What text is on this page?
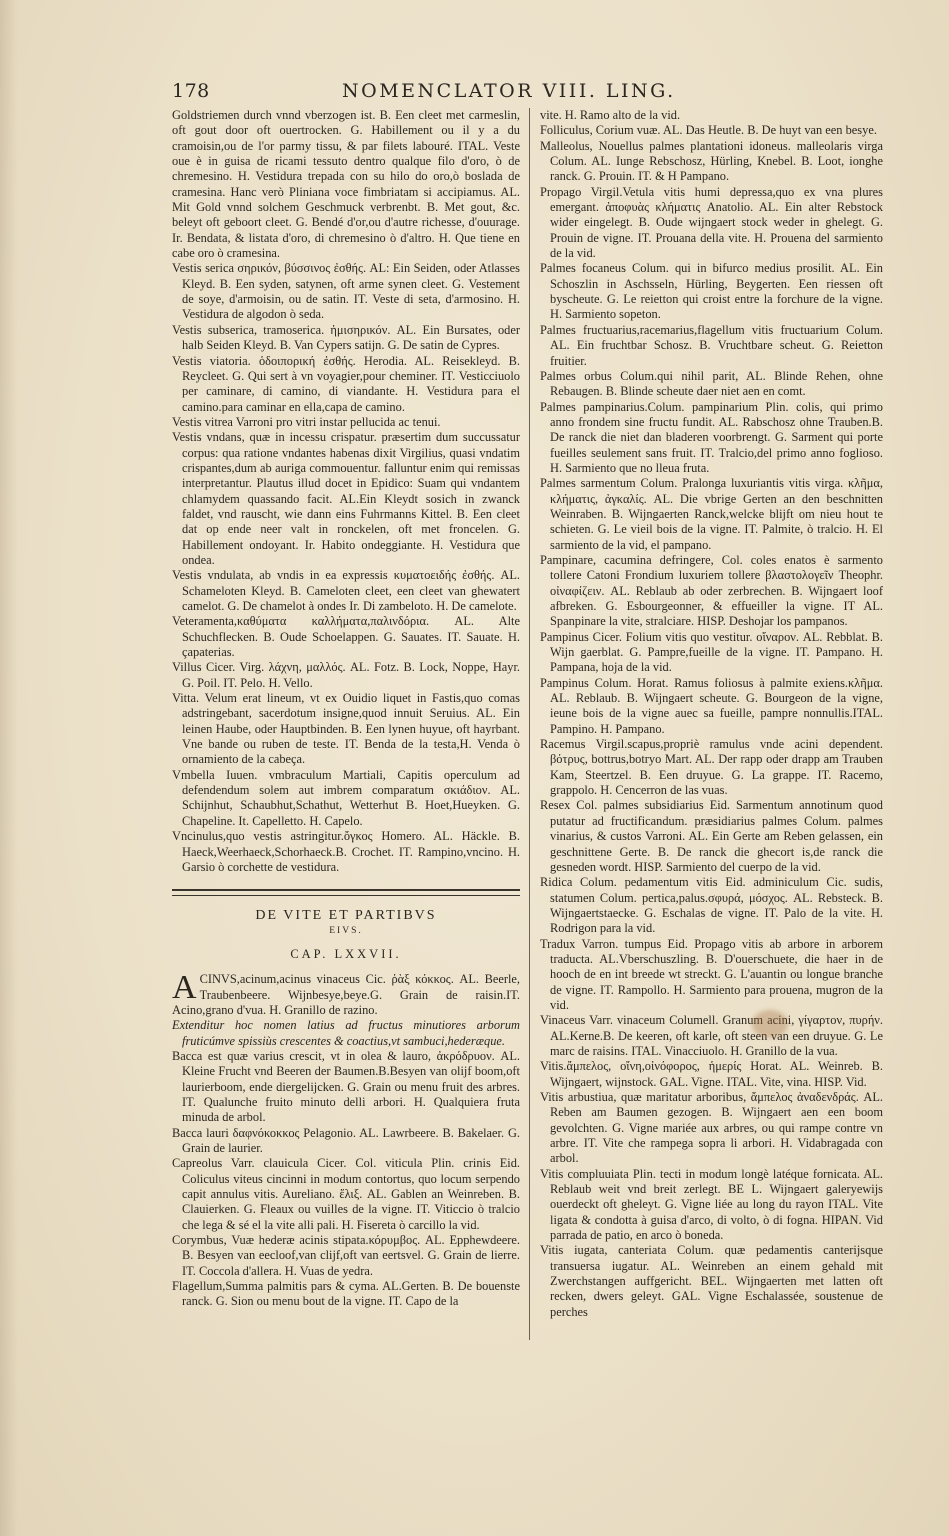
178	NOMENCLATOR VIII. LING.

Goldstriemen durch vnnd vberzogen ist. B. Een cleet met carmeslin, oft gout door oft ouertrocken. G. Habillement ou il y a du cramoisin,ou de l'or parmy tissu, & par filets labouré. ITAL. Veste oue è in guisa de ricami tessuto dentro qualque filo d'oro, ò de chremesino. H. Vestidura trepada con su hilo do oro,ò boslada de cramesina. Hanc verò Pliniana voce fimbriatam si accipiamus. AL. Mit Gold vnnd solchem Geschmuck verbrenbt. B. Met gout, &c. beleyt oft geboort cleet. G. Bendé d'or,ou d'autre richesse, d'ouurage. Ir. Bendata, & listata d'oro, di chremesino ò d'altro. H. Que tiene en cabe oro ò cramesina.

Vestis serica σηρικόν, βύσσινος ἐσθής. AL: Ein Seiden, oder Atlasses Kleyd. B. Een syden, satynen, oft arme synen cleet. G. Vestement de soye, d'armoisin, ou de satin. IT. Veste di seta, d'armosino. H. Vestidura de algodon ò seda.

Vestis subserica, tramoserica. ἡμισηρικόν. AL. Ein Bursates, oder halb Seiden Kleyd. B. Van Cypers satijn. G. De satin de Cypres.

Vestis viatoria. ὁδοιπορική ἐσθής. Herodia. AL. Reisekleyd. B. Reycleet. G. Qui sert à vn voyagier,pour cheminer. IT. Vesticciuolo per caminare, di camino, di viandante. H. Vestidura para el camino.para caminar en ella,capa de camino.

Vestis vitrea Varroni pro vitri instar pellucida ac tenui.

Vestis vndans, quæ in incessu crispatur. præsertim dum succussatur corpus: qua ratione vndantes habenas dixit Virgilius, quasi vndatim crispantes,dum ab auriga commouentur. falluntur enim qui remissas interpretantur. Plautus illud docet in Epidico: Suam qui vndantem chlamydem quassando facit. AL.Ein Kleydt sosich in zwanck faldet, vnd rauscht, wie dann eins Fuhrmanns Kittel. B. Een cleet dat op ende neer valt in ronckelen, oft met froncelen. G. Habillement ondoyant. Ir. Habito ondeggiante. H. Vestidura que ondea.

Vestis vndulata, ab vndis in ea expressis κυματοειδής ἐσθής. AL. Schameloten Kleyd. B. Cameloten cleet, een cleet van ghewatert camelot. G. De chamelot à ondes Ir. Di zambeloto. H. De camelote.

Veteramenta,καθύματα καλλήματα,παλινδόρια. AL. Alte Schuchflecken. B. Oude Schoelappen. G. Sauates. IT. Sauate. H. çapaterias.

Villus Cicer. Virg. λάχνη, μαλλός. AL. Fotz. B. Lock, Noppe, Hayr. G. Poil. IT. Pelo. H. Vello.

Vitta. Velum erat lineum, vt ex Ouidio liquet in Fastis,quo comas adstringebant, sacerdotum insigne,quod innuit Seruius. AL. Ein leinen Haube, oder Hauptbinden. B. Een lynen huyue, oft hayrbant. Vne bande ou ruben de teste. IT. Benda de la testa,H. Venda ò ornamiento de la cabeça.

Vmbella Iuuen. vmbraculum Martiali, Capitis operculum ad defendendum solem aut imbrem comparatum σκιάδιον. AL. Schijnhut, Schaubhut,Schathut, Wetterhut B. Hoet,Hueyken. G. Chapeline. It. Capelletto. H. Capelo.

Vncinulus,quo vestis astringitur.ὄγκος Homero. AL. Häckle. B. Haeck,Weerhaeck,Schorhaeck.B. Crochet. IT. Rampino,vncino. H. Garsio ò corchette de vestidura.

DE VITE ET PARTIBVS
EIVS.
CAP. LXXVII.

ACINVS,acinum,acinus vinaceus Cic. ῥὰξ κόκκος. AL. Beerle, Traubenbeere. Wijnbesye,beye.G. Grain de raisin.IT. Acino,grano d'vua. H. Granillo de razino.

Extenditur hoc nomen latius ad fructus minutiores arborum fruticúmve spissiùs crescentes & coactius,vt sambuci,hederæque.

Bacca est quæ varius crescit, vt in olea & lauro, ἀκρόδρυον. AL. Kleine Frucht vnd Beeren der Baumen.B.Besyen van olijf boom,oft laurierboom, ende diergelijcken. G. Grain ou menu fruit des arbres. IT. Qualunche fruito minuto delli arbori. H. Qualquiera fruta minuda de arbol.

Bacca lauri δαφνόκοκκος Pelagonio. AL. Lawrbeere. B. Bakelaer. G. Grain de laurier.

Capreolus Varr. clauicula Cicer. Col. viticula Plin. crinis Eid. Coliculus viteus cincinni in modum contortus, quo locum serpendo capit annulus vitis. Aureliano. ἕλιξ. AL. Gablen an Weinreben. B. Clauierken. G. Fleaux ou vuilles de la vigne. IT. Viticcio ò tralcio che lega & sé el la vite alli pali. H. Fiseretа ò carcillo la vid.

Corymbus, Vuæ hederæ acinis stipata.κόρυμβος. AL. Epphewdeere. B. Besyen van eecloof,van clijf,oft van eertsvel. G. Grain de lierre. IT. Coccola d'allera. H. Vuas de yedra.

Flagellum,Summa palmitis pars & cyma. AL.Gerten. B. De bouenste ranck. G. Sion ou menu bout de la vigne. IT. Capo de la

vite. H. Ramo alto de la vid.

Folliculus, Corium vuæ. AL. Das Heutle. B. De huyt van een besye.

Malleolus, Nouellus palmes plantationi idoneus. malleolaris virga Colum. AL. Iunge Rebschosz, Hürling, Knebel. B. Loot, ionghe ranck. G. Prouin. IT. & H Pampano.

Propago Virgil.Vetula vitis humi depressa,quo ex vna plures emergant. ἀποφυὰς κλήματις Anatolio. AL. Ein alter Rebstock wider eingelegt. B. Oude wijngaert stock weder in ghelegt. G. Prouin de vigne. IT. Prouana della vite. H. Prouena del sarmiento de la vid.

Palmes focaneus Colum. qui in bifurco medius prosilit. AL. Ein Schoszlin in Aschsseln, Hürling, Beygerten. Een riessen oft byscheute. G. Le reietton qui croist entre la forchure de la vigne. H. Sarmiento sopeton.

Palmes fructuarius,racemarius,flagellum vitis fructuarium Colum. AL. Ein fruchtbar Schosz. B. Vruchtbare scheut. G. Reietton fruitier.

Palmes orbus Colum.qui nihil parit, AL. Blinde Rehen, ohne Rebaugen. B. Blinde scheute daer niet aen en comt.

Palmes pampinarius.Colum. pampinarium Plin. colis, qui primo anno frondem sine fructu fundit. AL. Rabschosz ohne Trauben.B. De ranck die niet dan bladeren voorbrengt. G. Sarment qui porte fueilles seulement sans fruit. IT. Tralcio,del primo anno foglioso. H. Sarmiento que no lleua fruta.

Palmes sarmentum Colum. Pralonga luxuriantis vitis virga. κλῆμα, κλήματις, ἀγκαλίς. AL. Die vbrige Gerten an den beschnitten Weinraben. B. Wijngaerten Ranck,welcke blijft om nieu hout te schieten. G. Le vieil bois de la vigne. IT. Palmite, ò tralcio. H. El sarmiento de la vid, el pampano.

Pampinare, cacumina defringere, Col. coles enatos è sarmento tollere Catoni Frondium luxuriem tollere βλαστολογεῖν Theophr. οἰναφίζειν. AL. Reblaub ab oder zerbrechen. B. Wijngaert loof afbreken. G. Esbourgeonner, & effueiller la vigne. IT AL. Spanpinare la vite, stralciare. HISP. Deshojar los pampanos.

Pampinus Cicer. Folium vitis quo vestitur. οἴναρον. AL. Rebblat. B. Wijn gaerblat. G. Pampre,fueille de la vigne. IT. Pampano. H. Pampana, hoja de la vid.

Pampinus Colum. Horat. Ramus foliosus à palmite exiens.κλῆμα. AL. Reblaub. B. Wijngaert scheute. G. Bourgeon de la vigne, ieune bois de la vigne auec sa fueille, pampre nonnullis.ITAL. Pampino. H. Pampano.

Racemus Virgil.scapus,propriè ramulus vnde acini dependent. βότρυς, bottrus,botryo Mart. AL. Der rapp oder drapp am Trauben Kam, Steertzel. B. Een druyue. G. La grappe. IT. Racemo, grappolo. H. Cencerron de las vuas.

Resex Col. palmes subsidiarius Eid. Sarmentum annotinum quod putatur ad fructificandum. præsidiarius palmes Colum. palmes vinarius, & custos Varroni. AL. Ein Gerte am Reben gelassen, ein geschnittene Gerte. B. De ranck die ghecort is,de ranck die gesneden wordt. HISP. Sarmiento del cuerpo de la vid.

Ridica Colum. pedamentum vitis Eid. adminiculum Cic. sudis, statumen Colum. pertica,palus.σφυρά, μόσχος. AL. Rebsteck. B. Wijngaertstaecke. G. Eschalas de vigne. IT. Palo de la vite. H. Rodrigon para la vid.

Tradux Varron. tumpus Eid. Propago vitis ab arbore in arborem traducta. AL.Vberschuszling. B. D'ouerschuete, die haer in de hooch de en int breede wt streckt. G. L'auantin ou longue branche de vigne. IT. Rampollo. H. Sarmiento para prouena, mugron de la vid.

Vinaceus Varr. vinaceum Columell. Granum acini, γίγαρτον, πυρήν. AL.Kerne.B. De keeren, oft karle, oft steen van een druyue. G. Le marc de raisins. ITAL. Vinacciuolo. H. Granillo de la vua.

Vitis.ἄμπελος, οἴνη,οἰνόφορος, ἡμερίς Horat. AL. Weinreb. B. Wijngaert, wijnstock. GAL. Vigne. ITAL. Vite, vina. HISP. Vid.

Vitis arbustiua, quæ maritatur arboribus, ἄμπελος ἀναδενδράς. AL. Reben am Baumen gezogen. B. Wijngaert aen een boom gevolchten. G. Vigne mariée aux arbres, ou qui rampe contre vn arbre. IT. Vite che rampega sopra li arbori. H. Vidabragada con arbol.

Vitis compluuiata Plin. tecti in modum longè latéque fornicata. AL. Reblaub weit vnd breit zerlegt. BE L. Wijngaert galeryewijs ouerdeckt oft gheleyt. G. Vigne liée au long du rayon ITAL. Vite ligata & condotta à guisa d'arco, di volto, ò di fogna. HIPAN. Vid parrada de patio, en arco ò boneda.

Vitis iugata, canteriata Colum. quæ pedamentis canterijsque transuersa iugatur. AL. Weinreben an einem gehald mit Zwerchstangen auffgericht. BEL. Wijngaerten met latten oft recken, dwers geleyt. GAL. Vigne Eschalassée, soustenue de perches
